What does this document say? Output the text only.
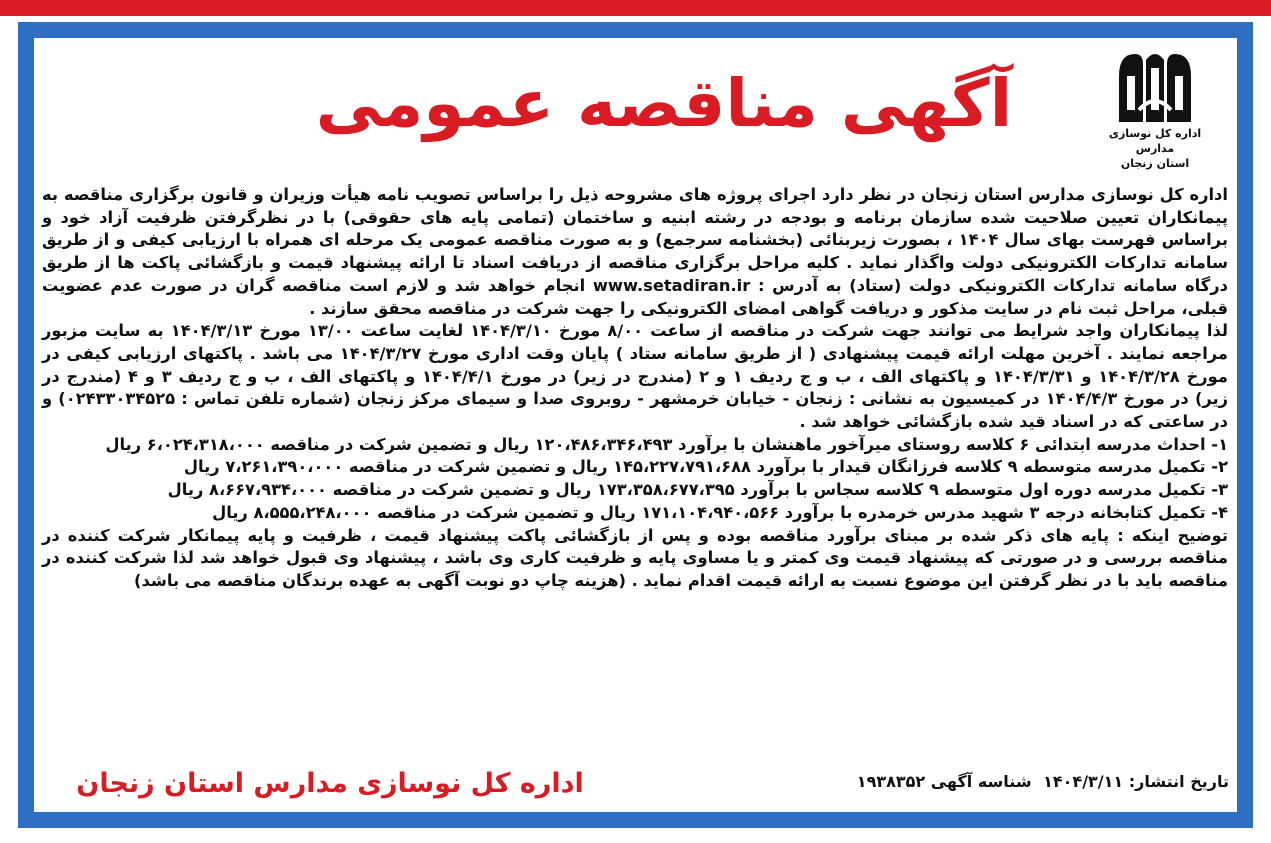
آگهی مناقصه عمومی	اداره کل نوسازی مدارس
استان زنجان

اداره کل نوسازی مدارس استان زنجان در نظر دارد اجرای پروژه های مشروحه ذیل را براساس تصویب نامه هیأت وزیران و قانون برگزاری مناقصه به پیمانکاران تعیین صلاحیت شده سازمان برنامه و بودجه در رشته ابنیه و ساختمان (تمامی پایه های حقوقی) با در نظرگرفتن ظرفیت آزاد خود و براساس فهرست بهای سال ۱۴۰۴ ، بصورت زیربنائی (بخشنامه سرجمع) و به صورت مناقصه عمومی یک مرحله ای همراه با ارزیابی کیفی و از طریق سامانه تدارکات الکترونیکی دولت واگذار نماید . کلیه مراحل برگزاری مناقصه از دریافت اسناد تا ارائه پیشنهاد قیمت و بازگشائی پاکت ها از طریق درگاه سامانه تدارکات الکترونیکی دولت (ستاد) به آدرس : www.setadiran.ir انجام خواهد شد و لازم است مناقصه گران در صورت عدم عضویت قبلی، مراحل ثبت نام در سایت مذکور و دریافت گواهی امضای الکترونیکی را جهت شرکت در مناقصه محقق سازند .

لذا پیمانکاران واجد شرایط می توانند جهت شرکت در مناقصه از ساعت ۸/۰۰ مورخ ۱۴۰۴/۳/۱۰ لغایت ساعت ۱۳/۰۰ مورخ ۱۴۰۴/۳/۱۳ به سایت مزبور مراجعه نمایند . آخرین مهلت ارائه قیمت پیشنهادی ( از طریق سامانه ستاد ) پایان وقت اداری مورخ ۱۴۰۴/۳/۲۷ می باشد . پاکتهای ارزیابی کیفی در مورخ ۱۴۰۴/۳/۲۸ و ۱۴۰۴/۳/۳۱ و پاکتهای الف ، ب و ج ردیف ۱ و ۲ (مندرج در زیر) در مورخ ۱۴۰۴/۴/۱ و پاکتهای الف ، ب و ج ردیف ۳ و ۴ (مندرج در زیر) در مورخ ۱۴۰۴/۴/۳ در کمیسیون به نشانی : زنجان - خیابان خرمشهر - روبروی صدا و سیمای مرکز زنجان (شماره تلفن تماس : ۰۲۴۳۳۰۳۴۵۲۵) و در ساعتی که در اسناد قید شده بازگشائی خواهد شد .

۱- احداث مدرسه ابتدائی ۶ کلاسه روستای میرآخور ماهنشان با برآورد ۱۲۰،۴۸۶،۳۴۶،۴۹۳ ریال و تضمین شرکت در مناقصه ۶،۰۲۴،۳۱۸،۰۰۰ ریال

۲- تکمیل مدرسه متوسطه ۹ کلاسه فرزانگان قیدار با برآورد ۱۴۵،۲۲۷،۷۹۱،۶۸۸ ریال و تضمین شرکت در مناقصه ۷،۲۶۱،۳۹۰،۰۰۰ ریال

۳- تکمیل مدرسه دوره اول متوسطه ۹ کلاسه سجاس با برآورد ۱۷۳،۳۵۸،۶۷۷،۳۹۵ ریال و تضمین شرکت در مناقصه ۸،۶۶۷،۹۳۴،۰۰۰ ریال

۴- تکمیل کتابخانه درجه ۳ شهید مدرس خرمدره با برآورد ۱۷۱،۱۰۴،۹۴۰،۵۶۶ ریال و تضمین شرکت در مناقصه ۸،۵۵۵،۲۴۸،۰۰۰ ریال

توضیح اینکه : پایه های ذکر شده بر مبنای برآورد مناقصه بوده و پس از بازگشائی پاکت پیشنهاد قیمت ، ظرفیت و پایه پیمانکار شرکت کننده در مناقصه بررسی و در صورتی که پیشنهاد قیمت وی کمتر و یا مساوی پایه و ظرفیت کاری وی باشد ، پیشنهاد وی قبول خواهد شد لذا شرکت کننده در مناقصه باید با در نظر گرفتن این موضوع نسبت به ارائه قیمت اقدام نماید . (هزینه چاپ دو نوبت آگهی به عهده برندگان مناقصه می باشد)

تاریخ انتشار: ۱۴۰۴/۳/۱۱ شناسه آگهی ۱۹۳۸۳۵۲
اداره کل نوسازی مدارس استان زنجان
